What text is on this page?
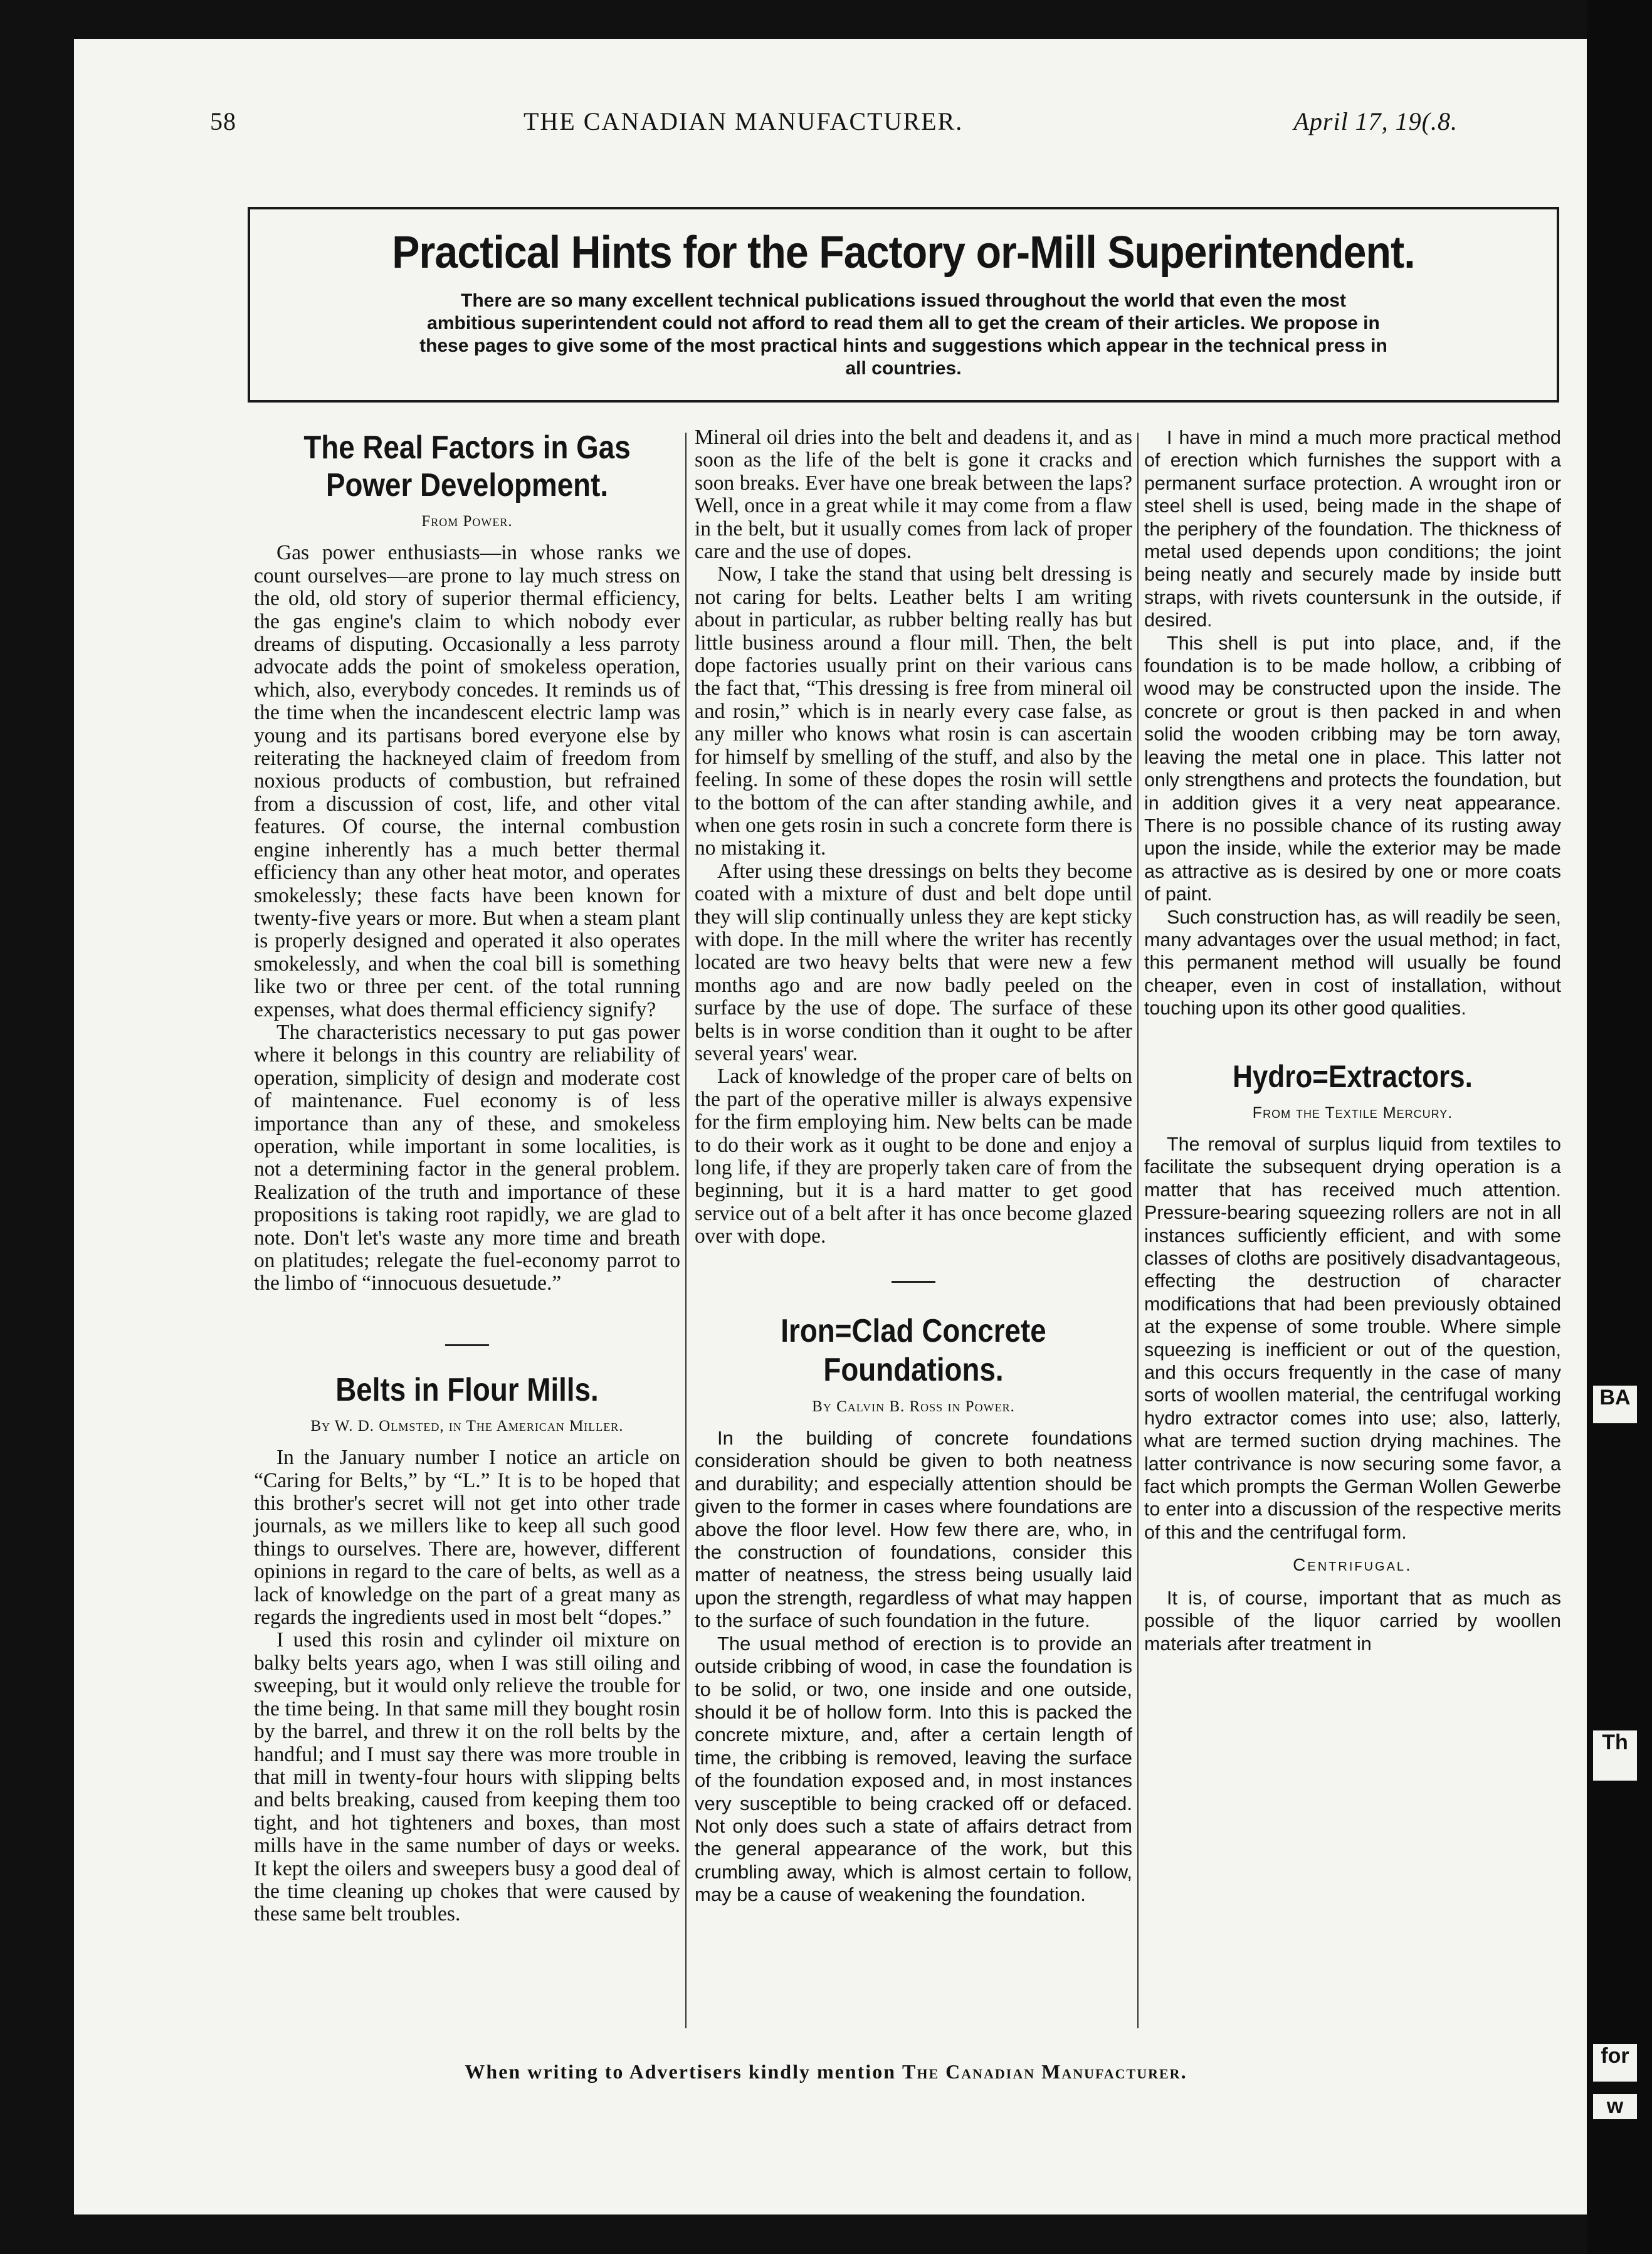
BA
Th
for
w
58	THE CANADIAN MANUFACTURER.	April 17, 19(.8.
Practical Hints for the Factory or-Mill Superintendent.

There are so many excellent technical publications issued throughout the world that even the most ambitious superintendent could not afford to read them all to get the cream of their articles. We propose in these pages to give some of the most practical hints and suggestions which appear in the technical press in all countries.

The Real Factors in Gas Power Development.
From Power.

Gas power enthusiasts—in whose ranks we count ourselves—are prone to lay much stress on the old, old story of superior thermal efficiency, the gas engine's claim to which nobody ever dreams of disputing. Occasionally a less parroty advocate adds the point of smokeless operation, which, also, everybody concedes. It reminds us of the time when the incandescent electric lamp was young and its partisans bored everyone else by reiterating the hackneyed claim of freedom from noxious products of combustion, but refrained from a discussion of cost, life, and other vital features. Of course, the internal combustion engine inherently has a much better thermal efficiency than any other heat motor, and operates smokelessly; these facts have been known for twenty-five years or more. But when a steam plant is properly designed and operated it also operates smokelessly, and when the coal bill is something like two or three per cent. of the total running expenses, what does thermal efficiency signify?

The characteristics necessary to put gas power where it belongs in this country are reliability of operation, simplicity of design and moderate cost of maintenance. Fuel economy is of less importance than any of these, and smokeless operation, while important in some localities, is not a determining factor in the general problem. Realization of the truth and importance of these propositions is taking root rapidly, we are glad to note. Don't let's waste any more time and breath on platitudes; relegate the fuel-economy parrot to the limbo of “innocuous desuetude.”

Belts in Flour Mills.
By W. D. Olmsted, in The American Miller.

In the January number I notice an article on “Caring for Belts,” by “L.” It is to be hoped that this brother's secret will not get into other trade journals, as we millers like to keep all such good things to ourselves. There are, however, different opinions in regard to the care of belts, as well as a lack of knowledge on the part of a great many as regards the ingredients used in most belt “dopes.”

I used this rosin and cylinder oil mixture on balky belts years ago, when I was still oiling and sweeping, but it would only relieve the trouble for the time being. In that same mill they bought rosin by the barrel, and threw it on the roll belts by the handful; and I must say there was more trouble in that mill in twenty-four hours with slipping belts and belts breaking, caused from keeping them too tight, and hot tighteners and boxes, than most mills have in the same number of days or weeks. It kept the oilers and sweepers busy a good deal of the time cleaning up chokes that were caused by these same belt troubles.

Mineral oil dries into the belt and deadens it, and as soon as the life of the belt is gone it cracks and soon breaks. Ever have one break between the laps? Well, once in a great while it may come from a flaw in the belt, but it usually comes from lack of proper care and the use of dopes.

Now, I take the stand that using belt dressing is not caring for belts. Leather belts I am writing about in particular, as rubber belting really has but little business around a flour mill. Then, the belt dope factories usually print on their various cans the fact that, “This dressing is free from mineral oil and rosin,” which is in nearly every case false, as any miller who knows what rosin is can ascertain for himself by smelling of the stuff, and also by the feeling. In some of these dopes the rosin will settle to the bottom of the can after standing awhile, and when one gets rosin in such a concrete form there is no mistaking it.

After using these dressings on belts they become coated with a mixture of dust and belt dope until they will slip continually unless they are kept sticky with dope. In the mill where the writer has recently located are two heavy belts that were new a few months ago and are now badly peeled on the surface by the use of dope. The surface of these belts is in worse condition than it ought to be after several years' wear.

Lack of knowledge of the proper care of belts on the part of the operative miller is always expensive for the firm employing him. New belts can be made to do their work as it ought to be done and enjoy a long life, if they are properly taken care of from the beginning, but it is a hard matter to get good service out of a belt after it has once become glazed over with dope.

Iron=Clad Concrete Foundations.
By Calvin B. Ross in Power.

In the building of concrete foundations consideration should be given to both neatness and durability; and especially attention should be given to the former in cases where foundations are above the floor level. How few there are, who, in the construction of foundations, consider this matter of neatness, the stress being usually laid upon the strength, regardless of what may happen to the surface of such foundation in the future.

The usual method of erection is to provide an outside cribbing of wood, in case the foundation is to be solid, or two, one inside and one outside, should it be of hollow form. Into this is packed the concrete mixture, and, after a certain length of time, the cribbing is removed, leaving the surface of the foundation exposed and, in most instances very susceptible to being cracked off or defaced. Not only does such a state of affairs detract from the general appearance of the work, but this crumbling away, which is almost certain to follow, may be a cause of weakening the foundation.

I have in mind a much more practical method of erection which furnishes the support with a permanent surface protection. A wrought iron or steel shell is used, being made in the shape of the periphery of the foundation. The thickness of metal used depends upon conditions; the joint being neatly and securely made by inside butt straps, with rivets countersunk in the outside, if desired.

This shell is put into place, and, if the foundation is to be made hollow, a cribbing of wood may be constructed upon the inside. The concrete or grout is then packed in and when solid the wooden cribbing may be torn away, leaving the metal one in place. This latter not only strengthens and protects the foundation, but in addition gives it a very neat appearance. There is no possible chance of its rusting away upon the inside, while the exterior may be made as attractive as is desired by one or more coats of paint.

Such construction has, as will readily be seen, many advantages over the usual method; in fact, this permanent method will usually be found cheaper, even in cost of installation, without touching upon its other good qualities.

Hydro=Extractors.
From the Textile Mercury.

The removal of surplus liquid from textiles to facilitate the subsequent drying operation is a matter that has received much attention. Pressure-bearing squeezing rollers are not in all instances sufficiently efficient, and with some classes of cloths are positively disadvantageous, effecting the destruction of character modifications that had been previously obtained at the expense of some trouble. Where simple squeezing is inefficient or out of the question, and this occurs frequently in the case of many sorts of woollen material, the centrifugal working hydro extractor comes into use; also, latterly, what are termed suction drying machines. The latter contrivance is now securing some favor, a fact which prompts the German Wollen Gewerbe to enter into a discussion of the respective merits of this and the centrifugal form.

Centrifugal.

It is, of course, important that as much as possible of the liquor carried by woollen materials after treatment in

When writing to Advertisers kindly mention The Canadian Manufacturer.
